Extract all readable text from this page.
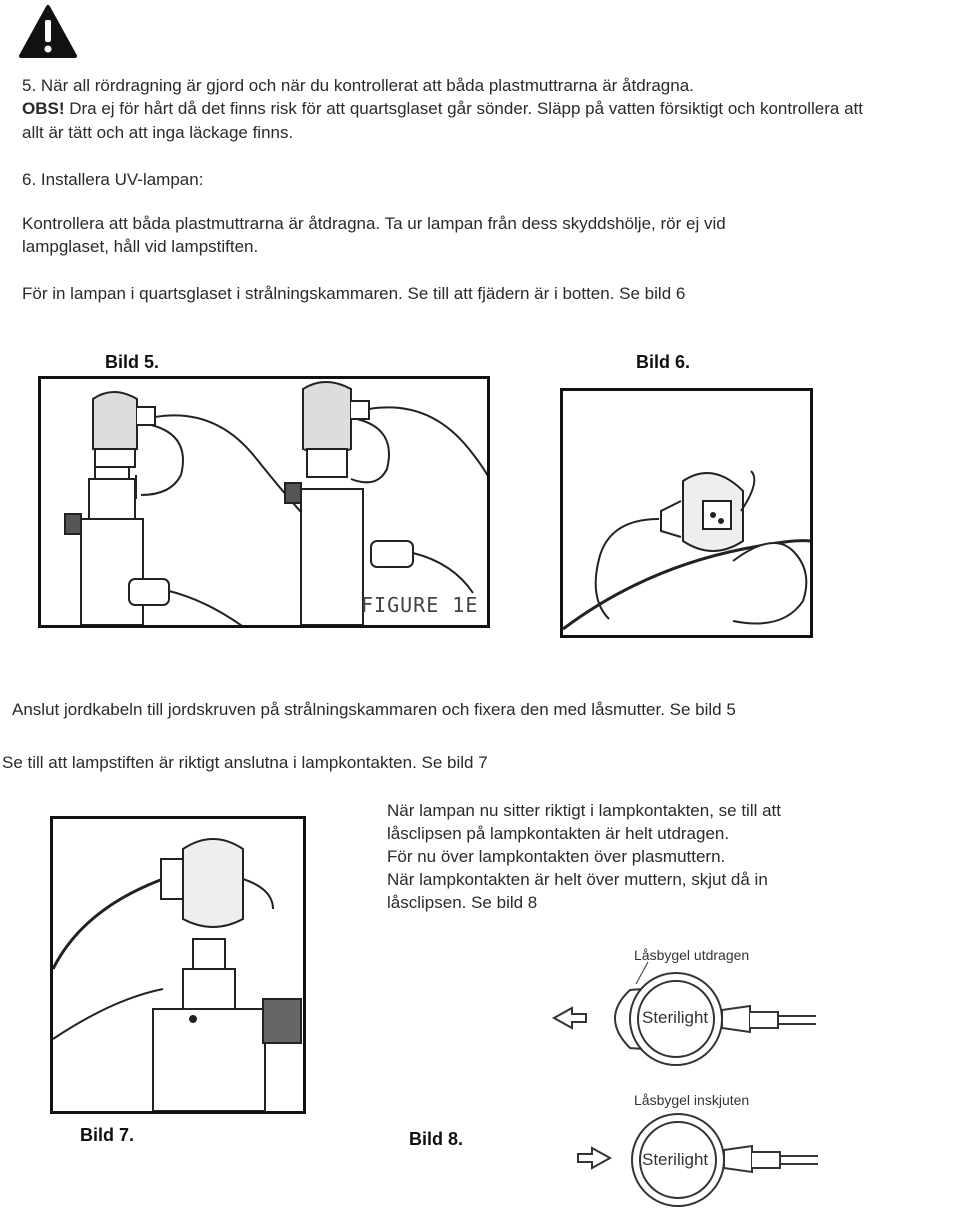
5. När all rördragning är gjord och när du kontrollerat att båda plastmuttrarna är åtdragna.
OBS! Dra ej för hårt då det finns risk för att quartsglaset går sönder. Släpp på vatten försiktigt och kontrollera att
allt är tätt och att inga läckage finns.
6. Installera UV-lampan:
Kontrollera att båda plastmuttrarna är åtdragna. Ta ur lampan från dess skyddshölje, rör ej vid
lampglaset, håll vid lampstiften.
För in lampan i quartsglaset i strålningskammaren. Se till att fjädern är i botten. Se bild 6
Bild 5.	Bild 6.
FIGURE 1E
Anslut jordkabeln till jordskruven på strålningskammaren och fixera den med låsmutter. Se bild 5
Se till att lampstiften är riktigt anslutna i lampkontakten. Se bild 7
När lampan nu sitter riktigt i lampkontakten, se till att
låsclipsen på lampkontakten är helt utdragen.
För nu över lampkontakten över plasmuttern.
När lampkontakten är helt över muttern, skjut då in
låsclipsen. Se bild 8
Låsbygel utdragen
Sterilight
Låsbygel inskjuten
Sterilight
Bild 7.	Bild 8.
